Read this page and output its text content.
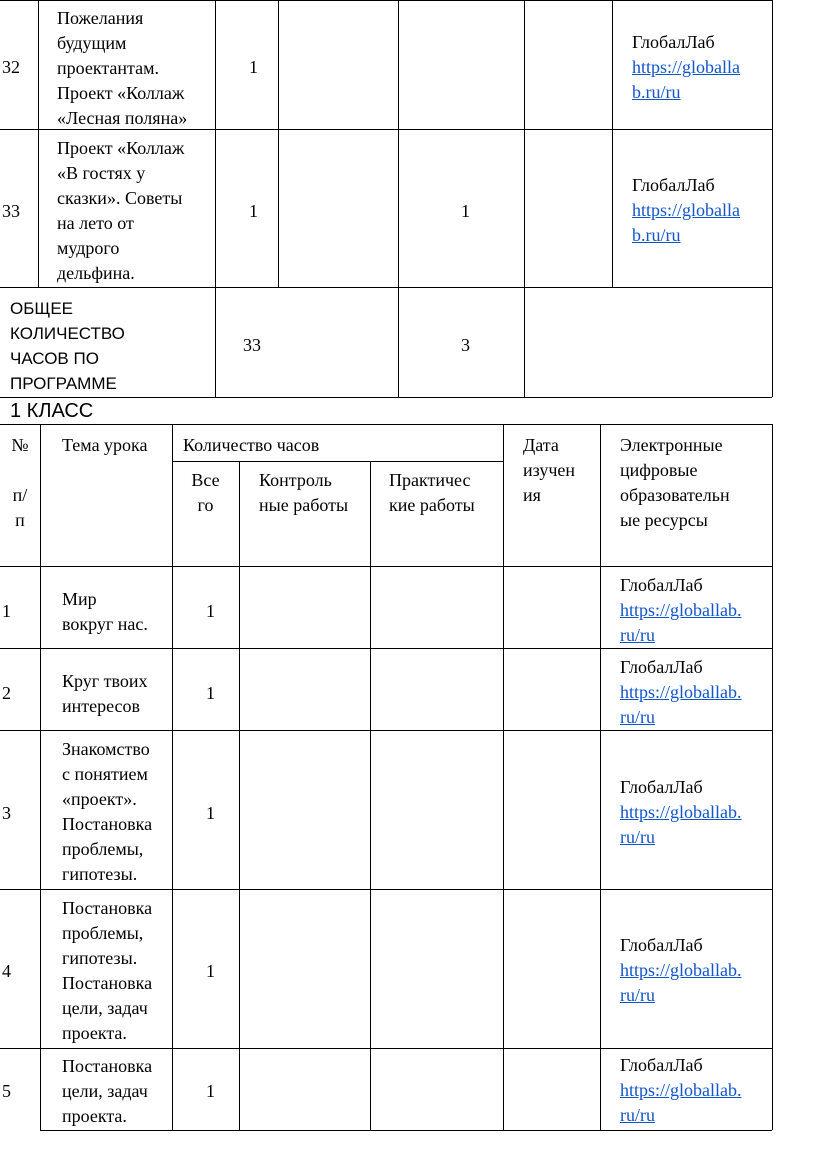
32
Пожелания
будущим
проектантам.
Проект «Коллаж
«Лесная поляна»
1
ГлобалЛаб
https://globalla
b.ru/ru
33
Проект «Коллаж
«В гостях у
сказки». Советы
на лето от
мудрого
дельфина.
1	1
ГлобалЛаб
https://globalla
b.ru/ru
ОБЩЕЕ
КОЛИЧЕСТВО
ЧАСОВ ПО
ПРОГРАММЕ
33	3
1 КЛАСС
№

п/
п
Тема урока Количество часов
Все
го
Контроль
ные работы
Практичес
кие работы
Дата
изучен
ия
Электронные
цифровые
образовательн
ые ресурсы
1
Мир
вокруг нас.
1
ГлобалЛаб
https://globallab.
ru/ru
2
Круг твоих
интересов
1
ГлобалЛаб
https://globallab.
ru/ru
3
Знакомство
с понятием
«проект».
Постановка
проблемы,
гипотезы.
1
ГлобалЛаб
https://globallab.
ru/ru
4
Постановка
проблемы,
гипотезы.
Постановка
цели, задач
проекта.
1
ГлобалЛаб
https://globallab.
ru/ru
5
Постановка
цели, задач
проекта.
1
ГлобалЛаб
https://globallab.
ru/ru
